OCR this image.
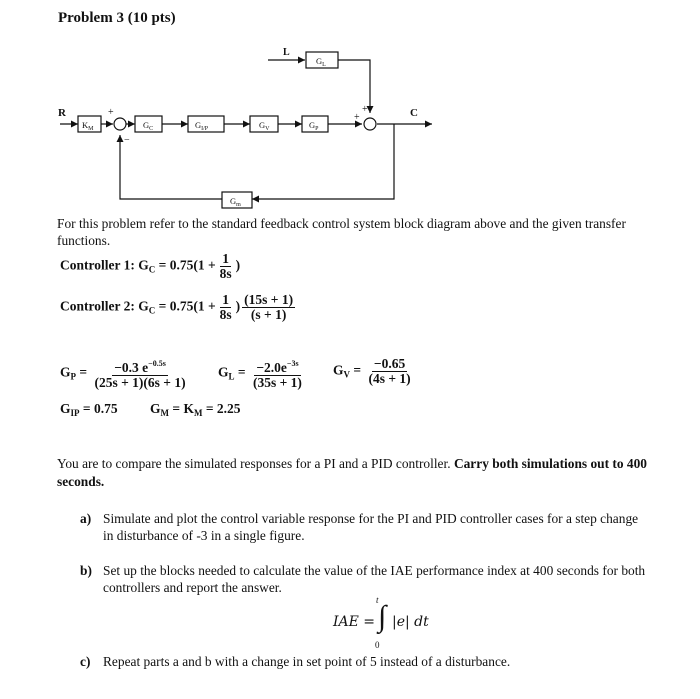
Problem 3 (10 pts)
R	C
L
$K_M$	$G_C$	$G_{I/P}$	$G_V$	$G_P$
$G_L$
$G_m$
+
−
+
+
For this problem refer to the standard feedback control system block diagram above and the given transfer functions.
Controller 1: $G_C = 0.75(1 + \frac{1}{8s}$ )
Controller 2: $G_C = 0.75(1 + \frac{1}{8s}$ ) $\frac{(15s + 1)}{(s + 1)}$
$G_P = \frac{-0.3 e^{-0.5s}}{(25s + 1)(6s + 1)} G_L = \frac{-2.0e^{-3s}}{(35s + 1)} G_V = \frac{-0.65}{(4s + 1)}$
$G_{IP} = 0.75$ $G_M = K_M = 2.25$
You are to compare the simulated responses for a PI and a PID controller. Carry both simulations out to 400 seconds.
a) Simulate and plot the control variable response for the PI and PID controller cases for a step change in disturbance of -3 in a single figure.
b) Set up the blocks needed to calculate the value of the IAE performance index at 400 seconds for both controllers and report the answer.
IAE =
t ∫
0
|e| dt
c) Repeat parts a and b with a change in set point of 5 instead of a disturbance.
